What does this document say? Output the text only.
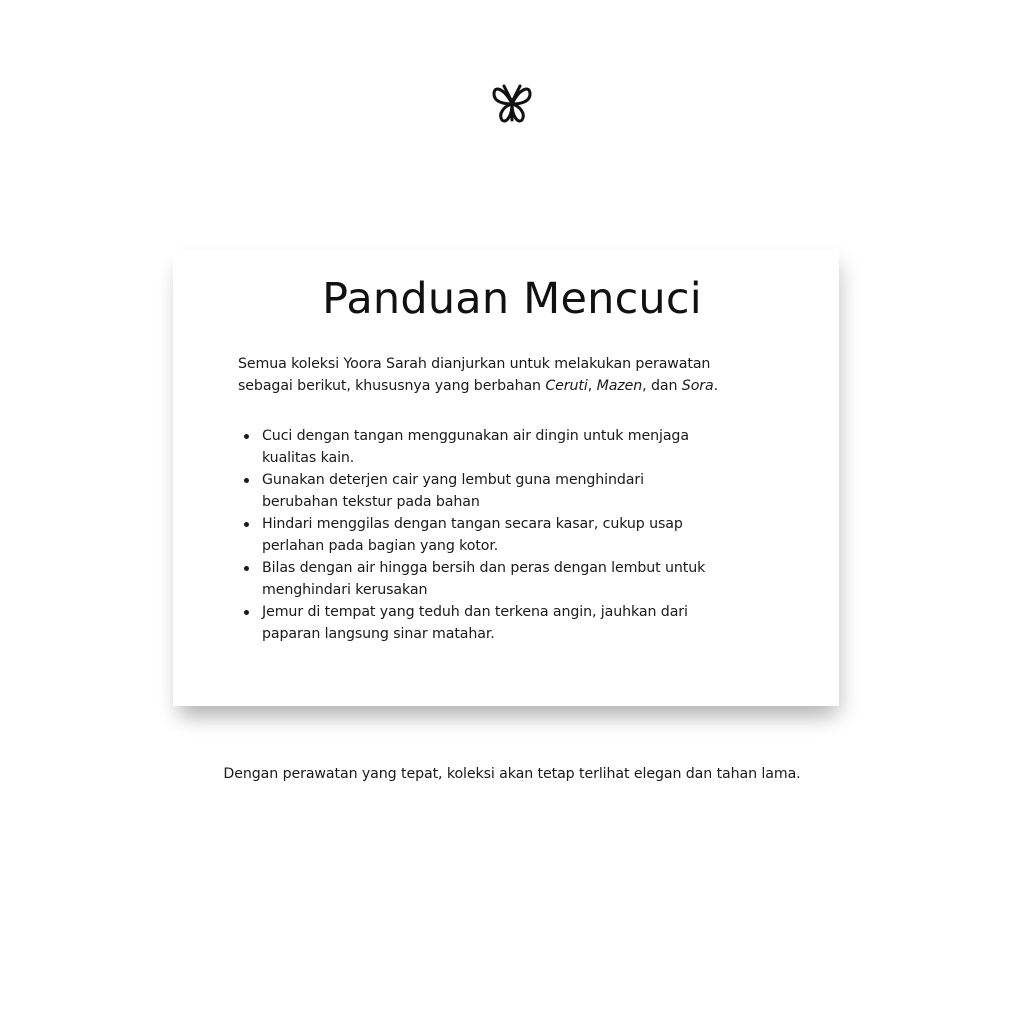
Panduan Mencuci

Semua koleksi Yoora Sarah dianjurkan untuk melakukan perawatan
sebagai berikut, khususnya yang berbahan Ceruti, Mazen, dan Sora.

Cuci dengan tangan menggunakan air dingin untuk menjaga
kualitas kain.
Gunakan deterjen cair yang lembut guna menghindari
berubahan tekstur pada bahan
Hindari menggilas dengan tangan secara kasar, cukup usap
perlahan pada bagian yang kotor.
Bilas dengan air hingga bersih dan peras dengan lembut untuk
menghindari kerusakan
Jemur di tempat yang teduh dan terkena angin, jauhkan dari
paparan langsung sinar matahar.

Dengan perawatan yang tepat, koleksi akan tetap terlihat elegan dan tahan lama.
